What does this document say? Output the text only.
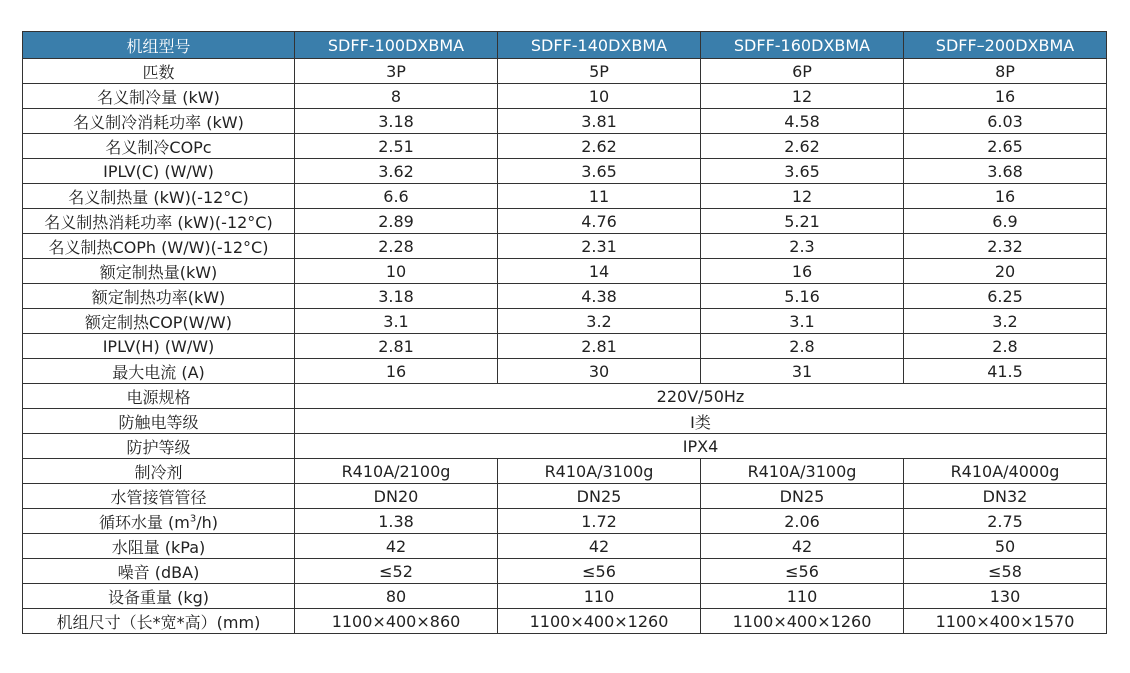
机组型号	SDFF-100DXBMA	SDFF-140DXBMA	SDFF-160DXBMA	SDFF–200DXBMA
匹数	3P	5P	6P	8P
名义制冷量 (kW)	8	10	12	16
名义制冷消耗功率 (kW)	3.18	3.81	4.58	6.03
名义制冷COPc	2.51	2.62	2.62	2.65
IPLV(C) (W/W)	3.62	3.65	3.65	3.68
名义制热量 (kW)(-12°C)	6.6	11	12	16
名义制热消耗功率 (kW)(-12°C)	2.89	4.76	5.21	6.9
名义制热COPh (W/W)(-12°C)	2.28	2.31	2.3	2.32
额定制热量(kW)	10	14	16	20
额定制热功率(kW)	3.18	4.38	5.16	6.25
额定制热COP(W/W)	3.1	3.2	3.1	3.2
IPLV(H) (W/W)	2.81	2.81	2.8	2.8
最大电流 (A)	16	30	31	41.5
电源规格	220V/50Hz			
防触电等级	I类			
防护等级	IPX4			
制冷剂	R410A/2100g	R410A/3100g	R410A/3100g	R410A/4000g
水管接管管径	DN20	DN25	DN25	DN32
循环水量 $(m^3/h)$	1.38	1.72	2.06	2.75
水阻量 (kPa)	42	42	42	50
噪音 (dBA)	≤52	≤56	≤56	≤58
设备重量 (kg)	80	110	110	130
机组尺寸（长*宽*高）(mm)	1100×400×860	1100×400×1260	1100×400×1260	1100×400×1570
